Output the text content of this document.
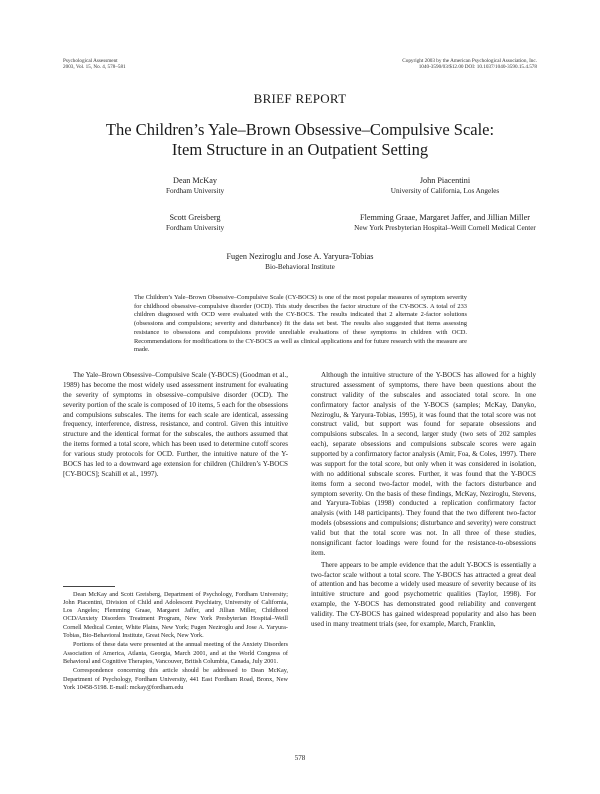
Psychological Assessment
2003, Vol. 15, No. 4, 578–581
Copyright 2003 by the American Psychological Association, Inc.
1040-3590/03/$12.00 DOI: 10.1037/1040-3590.15.4.578
BRIEF REPORT
The Children’s Yale–Brown Obsessive–Compulsive Scale:
Item Structure in an Outpatient Setting
Dean McKay
Fordham University
John Piacentini
University of California, Los Angeles
Scott Greisberg
Fordham University
Flemming Graae, Margaret Jaffer, and Jillian Miller
New York Presbyterian Hospital–Weill Cornell Medical Center
Fugen Neziroglu and Jose A. Yaryura-Tobias
Bio-Behavioral Institute
The Children’s Yale–Brown Obsessive–Compulsive Scale (CY-BOCS) is one of the most popular measures of symptom severity for childhood obsessive–compulsive disorder (OCD). This study describes the factor structure of the CY-BOCS. A total of 233 children diagnosed with OCD were evaluated with the CY-BOCS. The results indicated that 2 alternate 2-factor solutions (obsessions and compulsions; severity and disturbance) fit the data set best. The results also suggested that items assessing resistance to obsessions and compulsions provide unreliable evaluations of these symptoms in children with OCD. Recommendations for modifications to the CY-BOCS as well as clinical applications and for future research with the measure are made.

The Yale–Brown Obsessive–Compulsive Scale (Y-BOCS) (Goodman et al., 1989) has become the most widely used assessment instrument for evaluating the severity of symptoms in obsessive–compulsive disorder (OCD). The severity portion of the scale is composed of 10 items, 5 each for the obsessions and compulsions subscales. The items for each scale are identical, assessing frequency, interference, distress, resistance, and control. Given this intuitive structure and the identical format for the subscales, the authors assumed that the items formed a total score, which has been used to determine cutoff scores for various study protocols for OCD. Further, the intuitive nature of the Y-BOCS has led to a downward age extension for children (Children’s Y-BOCS [CY-BOCS]; Scahill et al., 1997).

Dean McKay and Scott Greisberg, Department of Psychology, Fordham University; John Piacentini, Division of Child and Adolescent Psychiatry, University of California, Los Angeles; Flemming Graae, Margaret Jaffer, and Jillian Miller, Childhood OCD/Anxiety Disorders Treatment Program, New York Presbyterian Hospital–Weill Cornell Medical Center, White Plains, New York; Fugen Neziroglu and Jose A. Yaryura-Tobias, Bio-Behavioral Institute, Great Neck, New York.

Portions of these data were presented at the annual meeting of the Anxiety Disorders Association of America, Atlanta, Georgia, March 2001, and at the World Congress of Behavioral and Cognitive Therapies, Vancouver, British Columbia, Canada, July 2001.

Correspondence concerning this article should be addressed to Dean McKay, Department of Psychology, Fordham University, 441 East Fordham Road, Bronx, New York 10458-5198. E-mail: mckay@fordham.edu

Although the intuitive structure of the Y-BOCS has allowed for a highly structured assessment of symptoms, there have been questions about the construct validity of the subscales and associated total score. In one confirmatory factor analysis of the Y-BOCS (samples; McKay, Danyko, Neziroglu, & Yaryura-Tobias, 1995), it was found that the total score was not construct valid, but support was found for separate obsessions and compulsions subscales. In a second, larger study (two sets of 202 samples each), separate obsessions and compulsions subscale scores were again supported by a confirmatory factor analysis (Amir, Foa, & Coles, 1997). There was support for the total score, but only when it was considered in isolation, with no additional subscale scores. Further, it was found that the Y-BOCS items form a second two-factor model, with the factors disturbance and symptom severity. On the basis of these findings, McKay, Neziroglu, Stevens, and Yaryura-Tobias (1998) conducted a replication confirmatory factor analysis (with 148 participants). They found that the two different two-factor models (obsessions and compulsions; disturbance and severity) were construct valid but that the total score was not. In all three of these studies, nonsignificant factor loadings were found for the resistance-to-obsessions item.

There appears to be ample evidence that the adult Y-BOCS is essentially a two-factor scale without a total score. The Y-BOCS has attracted a great deal of attention and has become a widely used measure of severity because of its intuitive structure and good psychometric qualities (Taylor, 1998). For example, the Y-BOCS has demonstrated good reliability and convergent validity. The CY-BOCS has gained widespread popularity and also has been used in many treatment trials (see, for example, March, Franklin,

578
